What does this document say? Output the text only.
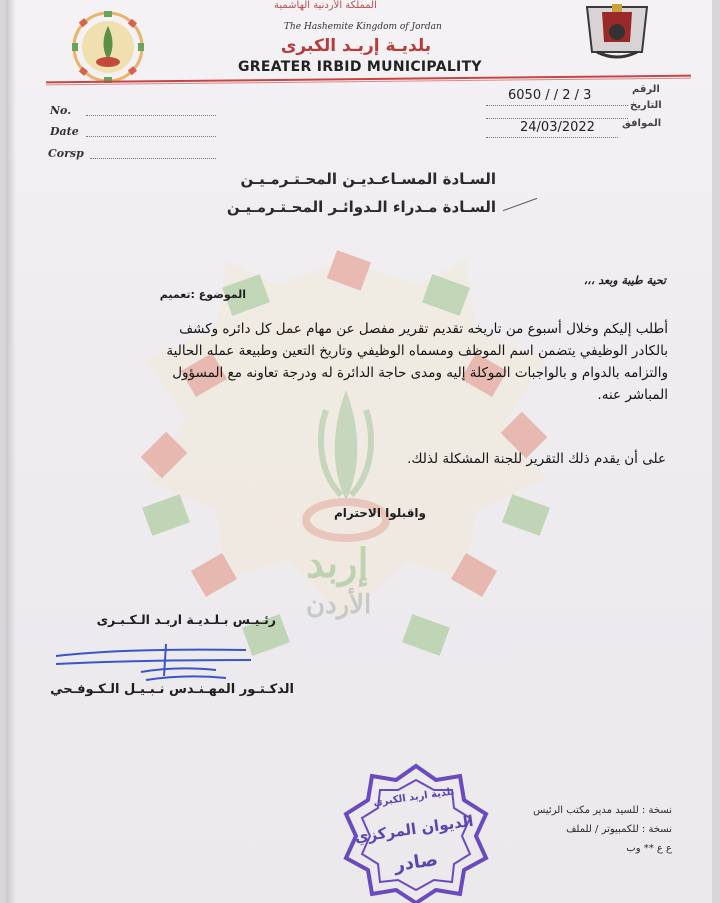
إربد
الأردن
المملكة الأردنية الهاشمية
The Hashemite Kingdom of Jordan
بلديـة إربـد الكبرى
GREATER IRBID MUNICIPALITY
No.
Date
Corsp
6050 / / 2 / 3	الرقم
التاريخ
24/03/2022	الموافق
السـادة المسـاعـديـن المحـتـرمـيـن
السـادة مـدراء الـدوائـر المحـتـرمـيـن
تحية طيبة وبعد ،،،
الموضوع :تعميم
أطلب إليكم وخلال أسبوع من تاريخه تقديم تقرير مفصل عن مهام عمل كل دائره وكشف
بالكادر الوظيفي يتضمن اسم الموظف ومسماه الوظيفي وتاريخ التعين وطبيعة عمله الحالية
والتزامه بالدوام و بالواجبات الموكلة إليه ومدى حاجة الدائرة له ودرجة تعاونه مع المسؤول
المباشر عنه.
على أن يقدم ذلك التقرير للجنة المشكلة لذلك.
واقبلوا الاحترام
رئـيـس بـلـديـة اربـد الـكـبـرى
الدكـتـور المهـنـدس نـبـيـل الـكـوفـحي
بلدية اربد الكبرى
الديوان المركزي
صادر
نسخة : للسيد مدير مكتب الرئيس
نسخة : للكمبيوتر / للملف
ع ع ** وب
